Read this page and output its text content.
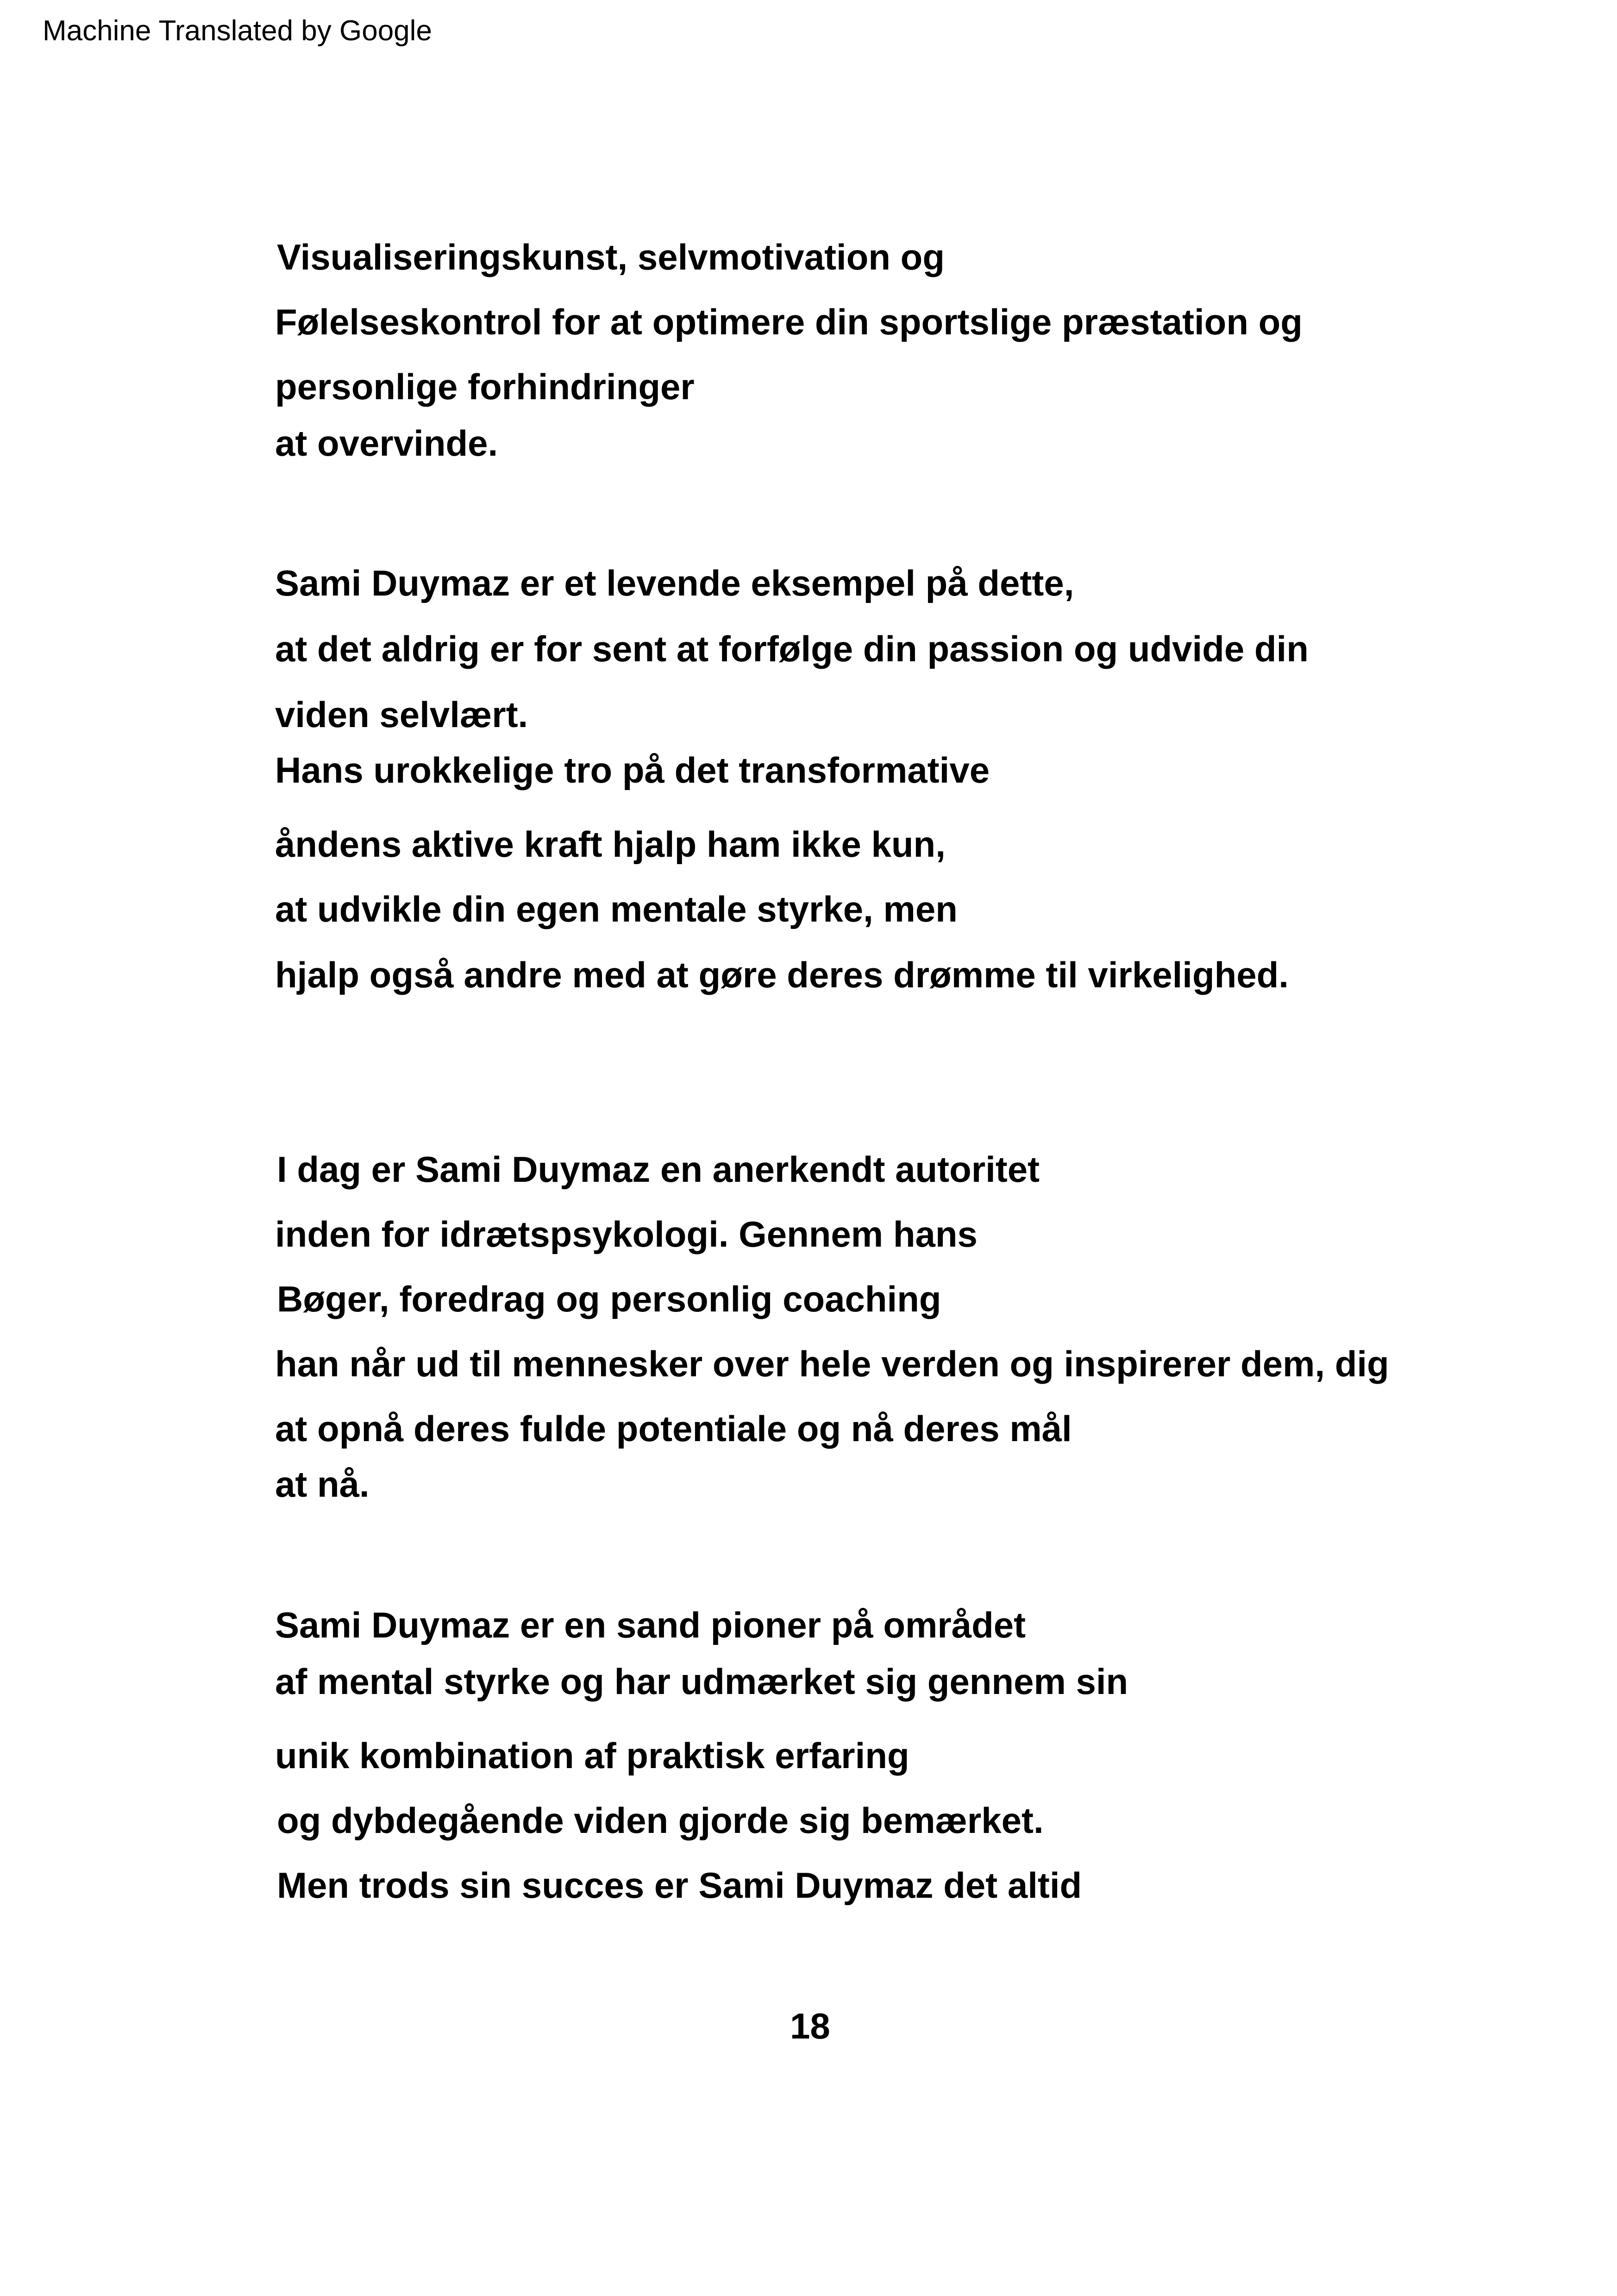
Machine Translated by Google
Visualiseringskunst, selvmotivation og
Følelseskontrol for at optimere din sportslige præstation og
personlige forhindringer
at overvinde.
Sami Duymaz er et levende eksempel på dette,
at det aldrig er for sent at forfølge din passion og udvide din
viden selvlært.
Hans urokkelige tro på det transformative
åndens aktive kraft hjalp ham ikke kun,
at udvikle din egen mentale styrke, men
hjalp også andre med at gøre deres drømme til virkelighed.
I dag er Sami Duymaz en anerkendt autoritet
inden for idrætspsykologi. Gennem hans
Bøger, foredrag og personlig coaching
han når ud til mennesker over hele verden og inspirerer dem, dig
at opnå deres fulde potentiale og nå deres mål
at nå.
Sami Duymaz er en sand pioner på området
af mental styrke og har udmærket sig gennem sin
unik kombination af praktisk erfaring
og dybdegående viden gjorde sig bemærket.
Men trods sin succes er Sami Duymaz det altid
18
